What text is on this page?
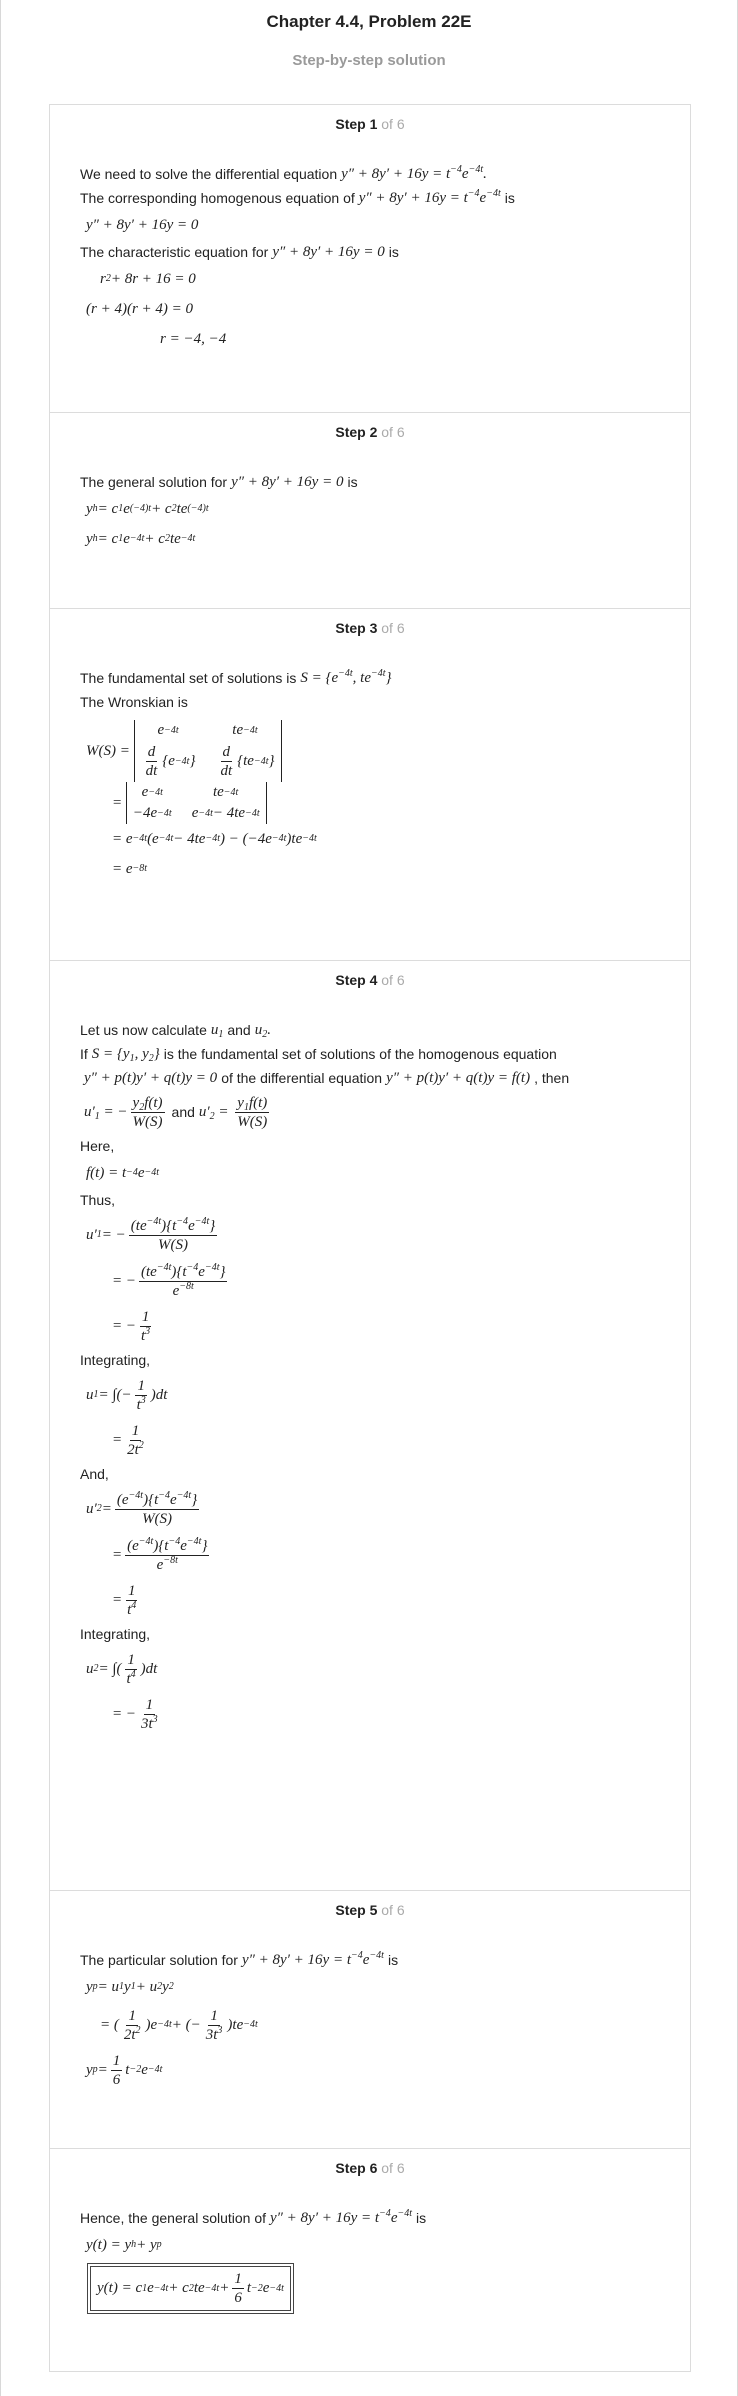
Chapter 4.4, Problem 22E
Step-by-step solution
Step 1 of 6
We need to solve the differential equation $y'' + 8y' + 16y = t^{-4}e^{-4t}$.
The corresponding homogenous equation of $y'' + 8y' + 16y = t^{-4}e^{-4t}$ is
y″ + 8y′ + 16y = 0
The characteristic equation for y″ + 8y′ + 16y = 0 is
r 2 + 8r + 16 = 0
(r + 4)(r + 4) = 0
r = −4, −4
Step 2 of 6
The general solution for y″ + 8y′ + 16y = 0 is
y h = c 1 e (−4)t + c 2 te (−4)t
y h = c 1 e −4t + c 2 te −4t
Step 3 of 6
The fundamental set of solutions is $S = \{e^{-4t}$, $te^{-4t}$}
The Wronskian is
W(S) =
e −4t	te −4t
$\frac{d}{dt} \{e -4t$ } $\frac{d}{dt} \{te -4t$ }
=
e −4t	te −4t
−4e −4t e −4t − 4te −4t
= e −4t (e −4t − 4te −4t ) − (−4e −4t )te −4t
= e −8t
Step 4 of 6
Let us now calculate $u_1$ and $u_2$.
If $S = \{y_1$, $y_2$} is the fundamental set of solutions of the homogenous equation
y″ + p(t)y′ + q(t)y = 0 of the differential equation y″ + p(t)y′ + q(t)y = f(t) , then
$u'_1$ = − $\frac{y_2f(t)}{W(S)}$ and $u'_2 = \frac{y_1f(t)}{W(S)}$
Here,
f(t) = t −4 e −4t
Thus,
u′ 1 = − $\frac{(te^{-4t})\{t^{-4}e^{-4t}\}}{W(S)}$
= − $\frac{(te^{-4t})\{t^{-4}e^{-4t}\}}{e^{-8t}}$
= − $\frac{1}{t^3}$
Integrating,
u 1 = ∫(− $\frac{1}{t^3} )dt$
= $\frac{1}{2t^2}$
And,
u′ $2 = \frac{(e^{-4t})\{t^{-4}e^{-4t}\}}{W(S)}$
= $\frac{(e^{-4t})\{t^{-4}e^{-4t}\}}{e^{-8t}}$
= $\frac{1}{t^4}$
Integrating,
u 2 = ∫( $\frac{1}{t^4} )dt$
= − $\frac{1}{3t^3}$
Step 5 of 6
The particular solution for $y'' + 8y' + 16y = t^{-4}e^{-4t}$ is
y p = u 1 y 1 + u 2 y 2
= ( $\frac{1}{2t^2} )e -4t$ + (− $\frac{1}{3t^3} )te -4t$
y $p = \frac{1}{6}$ t −2 e −4t
Step 6 of 6
Hence, the general solution of $y'' + 8y' + 16y = t^{-4}e^{-4t}$ is
y(t) = y h + y p
y(t) = c 1 e −4t + c 2 te $-4t + \frac{1}{6}$ t −2 e −4t
